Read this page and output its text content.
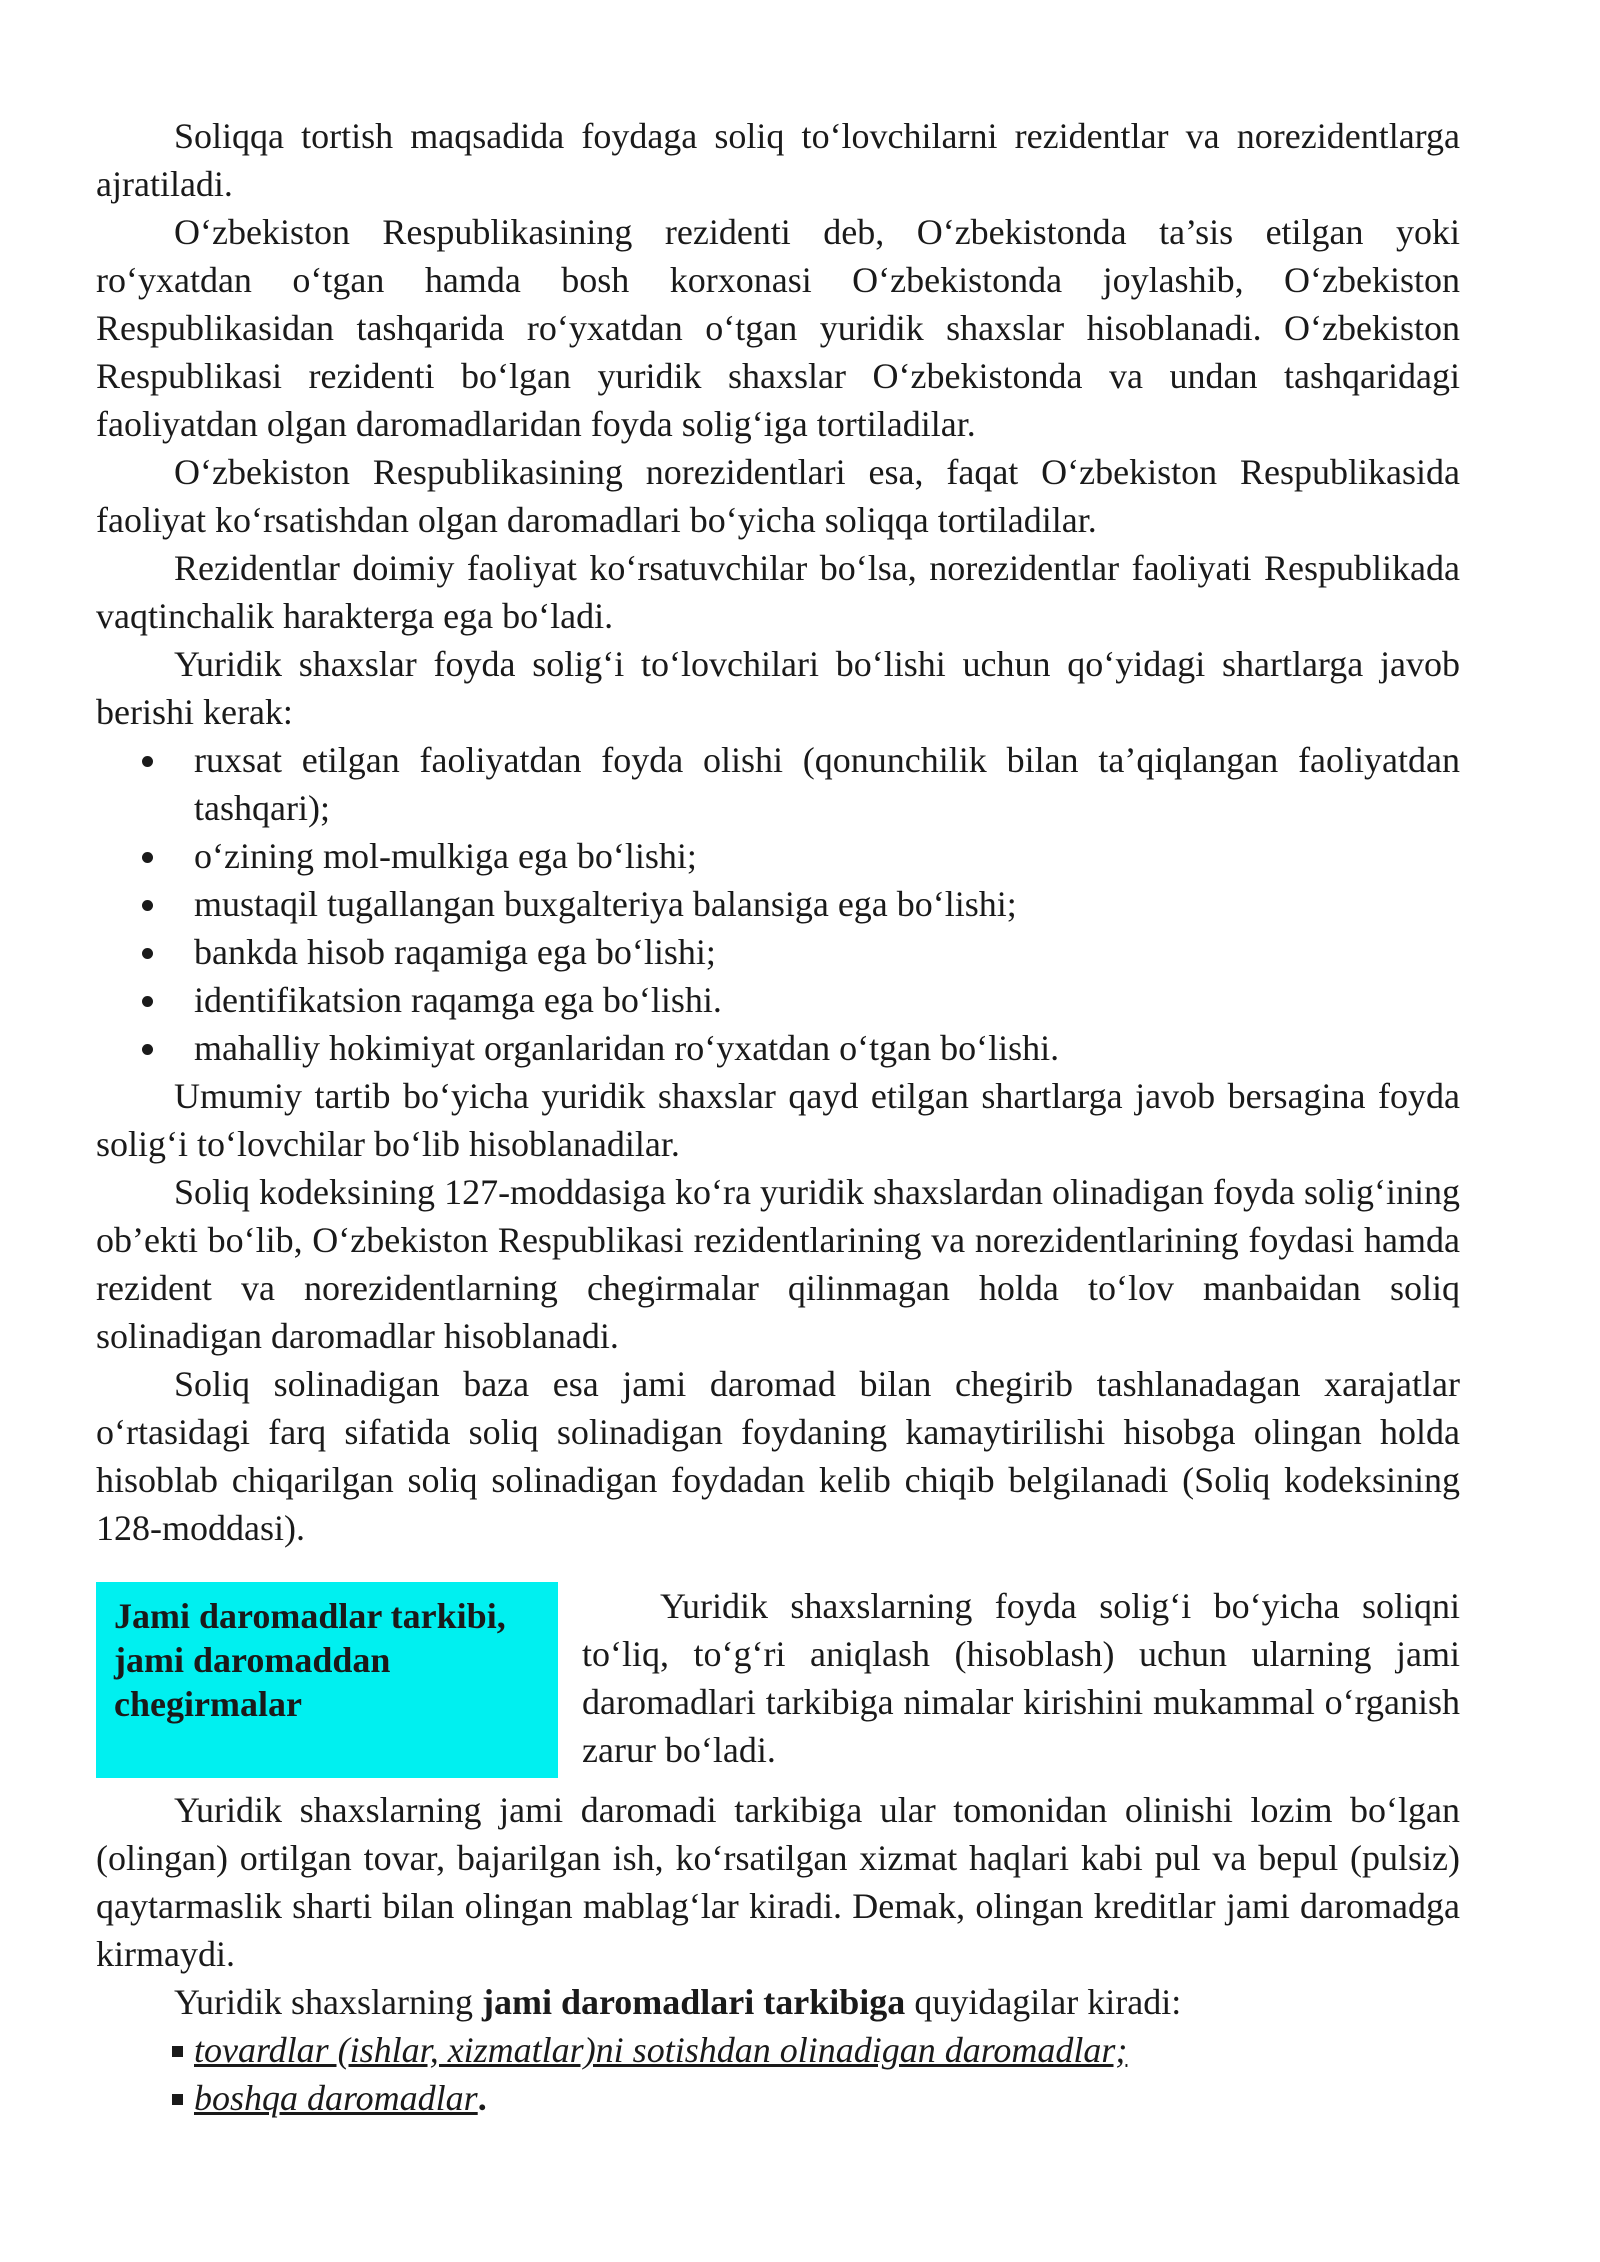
Soliqqa tortish maqsadida foydaga soliq to‘lovchilarni rezidentlar va norezidentlarga ajratiladi.

O‘zbekiston Respublikasining rezidenti deb, O‘zbekistonda ta’sis etilgan yoki ro‘yxatdan o‘tgan hamda bosh korxonasi O‘zbekistonda joylashib, O‘zbekiston Respublikasidan tashqarida ro‘yxatdan o‘tgan yuridik shaxslar hisoblanadi. O‘zbekiston Respublikasi rezidenti bo‘lgan yuridik shaxslar O‘zbekistonda va undan tashqaridagi faoliyatdan olgan daromadlaridan foyda solig‘iga tortiladilar.

O‘zbekiston Respublikasining norezidentlari esa, faqat O‘zbekiston Respublikasida faoliyat ko‘rsatishdan olgan daromadlari bo‘yicha soliqqa tortiladilar.

Rezidentlar doimiy faoliyat ko‘rsatuvchilar bo‘lsa, norezidentlar faoliyati Respublikada vaqtinchalik harakterga ega bo‘ladi.

Yuridik shaxslar foyda solig‘i to‘lovchilari bo‘lishi uchun qo‘yidagi shartlarga javob berishi kerak:

ruxsat etilgan faoliyatdan foyda olishi (qonunchilik bilan ta’qiqlangan faoliyatdan tashqari);
o‘zining mol-mulkiga ega bo‘lishi;
mustaqil tugallangan buxgalteriya balansiga ega bo‘lishi;
bankda hisob raqamiga ega bo‘lishi;
identifikatsion raqamga ega bo‘lishi.
mahalliy hokimiyat organlaridan ro‘yxatdan o‘tgan bo‘lishi.

Umumiy tartib bo‘yicha yuridik shaxslar qayd etilgan shartlarga javob bersagina foyda solig‘i to‘lovchilar bo‘lib hisoblanadilar.

Soliq kodeksining 127-moddasiga ko‘ra yuridik shaxslardan olinadigan foyda solig‘ining ob’ekti bo‘lib, O‘zbekiston Respublikasi rezidentlarining va norezidentlarining foydasi hamda rezident va norezidentlarning chegirmalar qilinmagan holda to‘lov manbaidan soliq solinadigan daromadlar hisoblanadi.

Soliq solinadigan baza esa jami daromad bilan chegirib tashlanadagan xarajatlar o‘rtasidagi farq sifatida soliq solinadigan foydaning kamaytirilishi hisobga olingan holda hisoblab chiqarilgan soliq solinadigan foydadan kelib chiqib belgilanadi (Soliq kodeksining 128-moddasi).

Jami daromadlar tarkibi, jami daromaddan chegirmalar

Yuridik shaxslarning foyda solig‘i bo‘yicha soliqni to‘liq, to‘g‘ri aniqlash (hisoblash) uchun ularning jami daromadlari tarkibiga nimalar kirishini mukammal o‘rganish zarur bo‘ladi.

Yuridik shaxslarning jami daromadi tarkibiga ular tomonidan olinishi lozim bo‘lgan (olingan) ortilgan tovar, bajarilgan ish, ko‘rsatilgan xizmat haqlari kabi pul va bepul (pulsiz) qaytarmaslik sharti bilan olingan mablag‘lar kiradi. Demak, olingan kreditlar jami daromadga kirmaydi.

Yuridik shaxslarning jami daromadlari tarkibiga quyidagilar kiradi:

tovardlar (ishlar, xizmatlar)ni sotishdan olinadigan daromadlar;
boshqa daromadlar.
